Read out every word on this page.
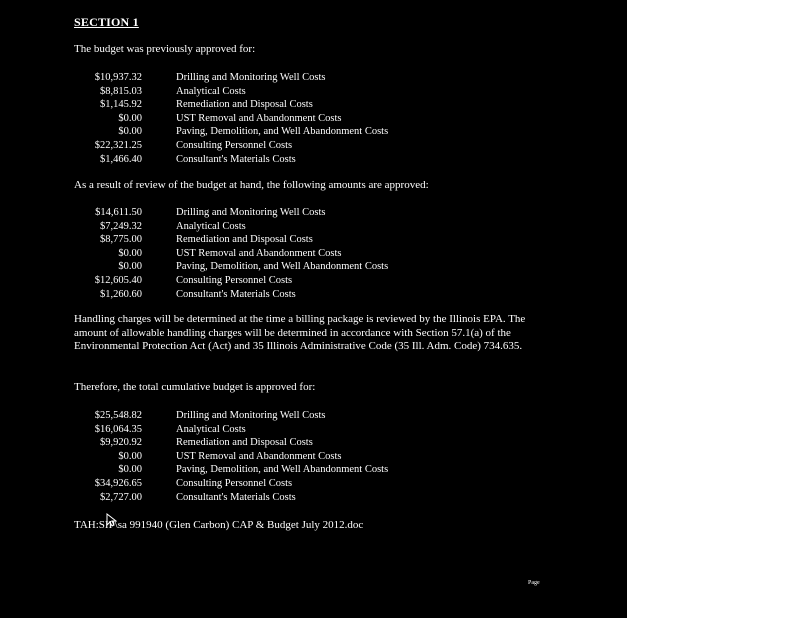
SECTION 1
The budget was previously approved for:
$10,937.32	Drilling and Monitoring Well Costs
$8,815.03	Analytical Costs
$1,145.92	Remediation and Disposal Costs
$0.00	UST Removal and Abandonment Costs
$0.00	Paving, Demolition, and Well Abandonment Costs
$22,321.25	Consulting Personnel Costs
$1,466.40	Consultant's Materials Costs
As a result of review of the budget at hand, the following amounts are approved:
$14,611.50	Drilling and Monitoring Well Costs
$7,249.32	Analytical Costs
$8,775.00	Remediation and Disposal Costs
$0.00	UST Removal and Abandonment Costs
$0.00	Paving, Demolition, and Well Abandonment Costs
$12,605.40	Consulting Personnel Costs
$1,260.60	Consultant's Materials Costs
Handling charges will be determined at the time a billing package is reviewed by the Illinois EPA. The amount of allowable handling charges will be determined in accordance with Section 57.1(a) of the Environmental Protection Act (Act) and 35 Illinois Administrative Code (35 Ill. Adm. Code) 734.635.
Therefore, the total cumulative budget is approved for:
$25,548.82	Drilling and Monitoring Well Costs
$16,064.35	Analytical Costs
$9,920.92	Remediation and Disposal Costs
$0.00	UST Removal and Abandonment Costs
$0.00	Paving, Demolition, and Well Abandonment Costs
$34,926.65	Consulting Personnel Costs
$2,727.00	Consultant's Materials Costs
TAH:SIP\sa 991940 (Glen Carbon) CAP & Budget July 2012.doc
Page
